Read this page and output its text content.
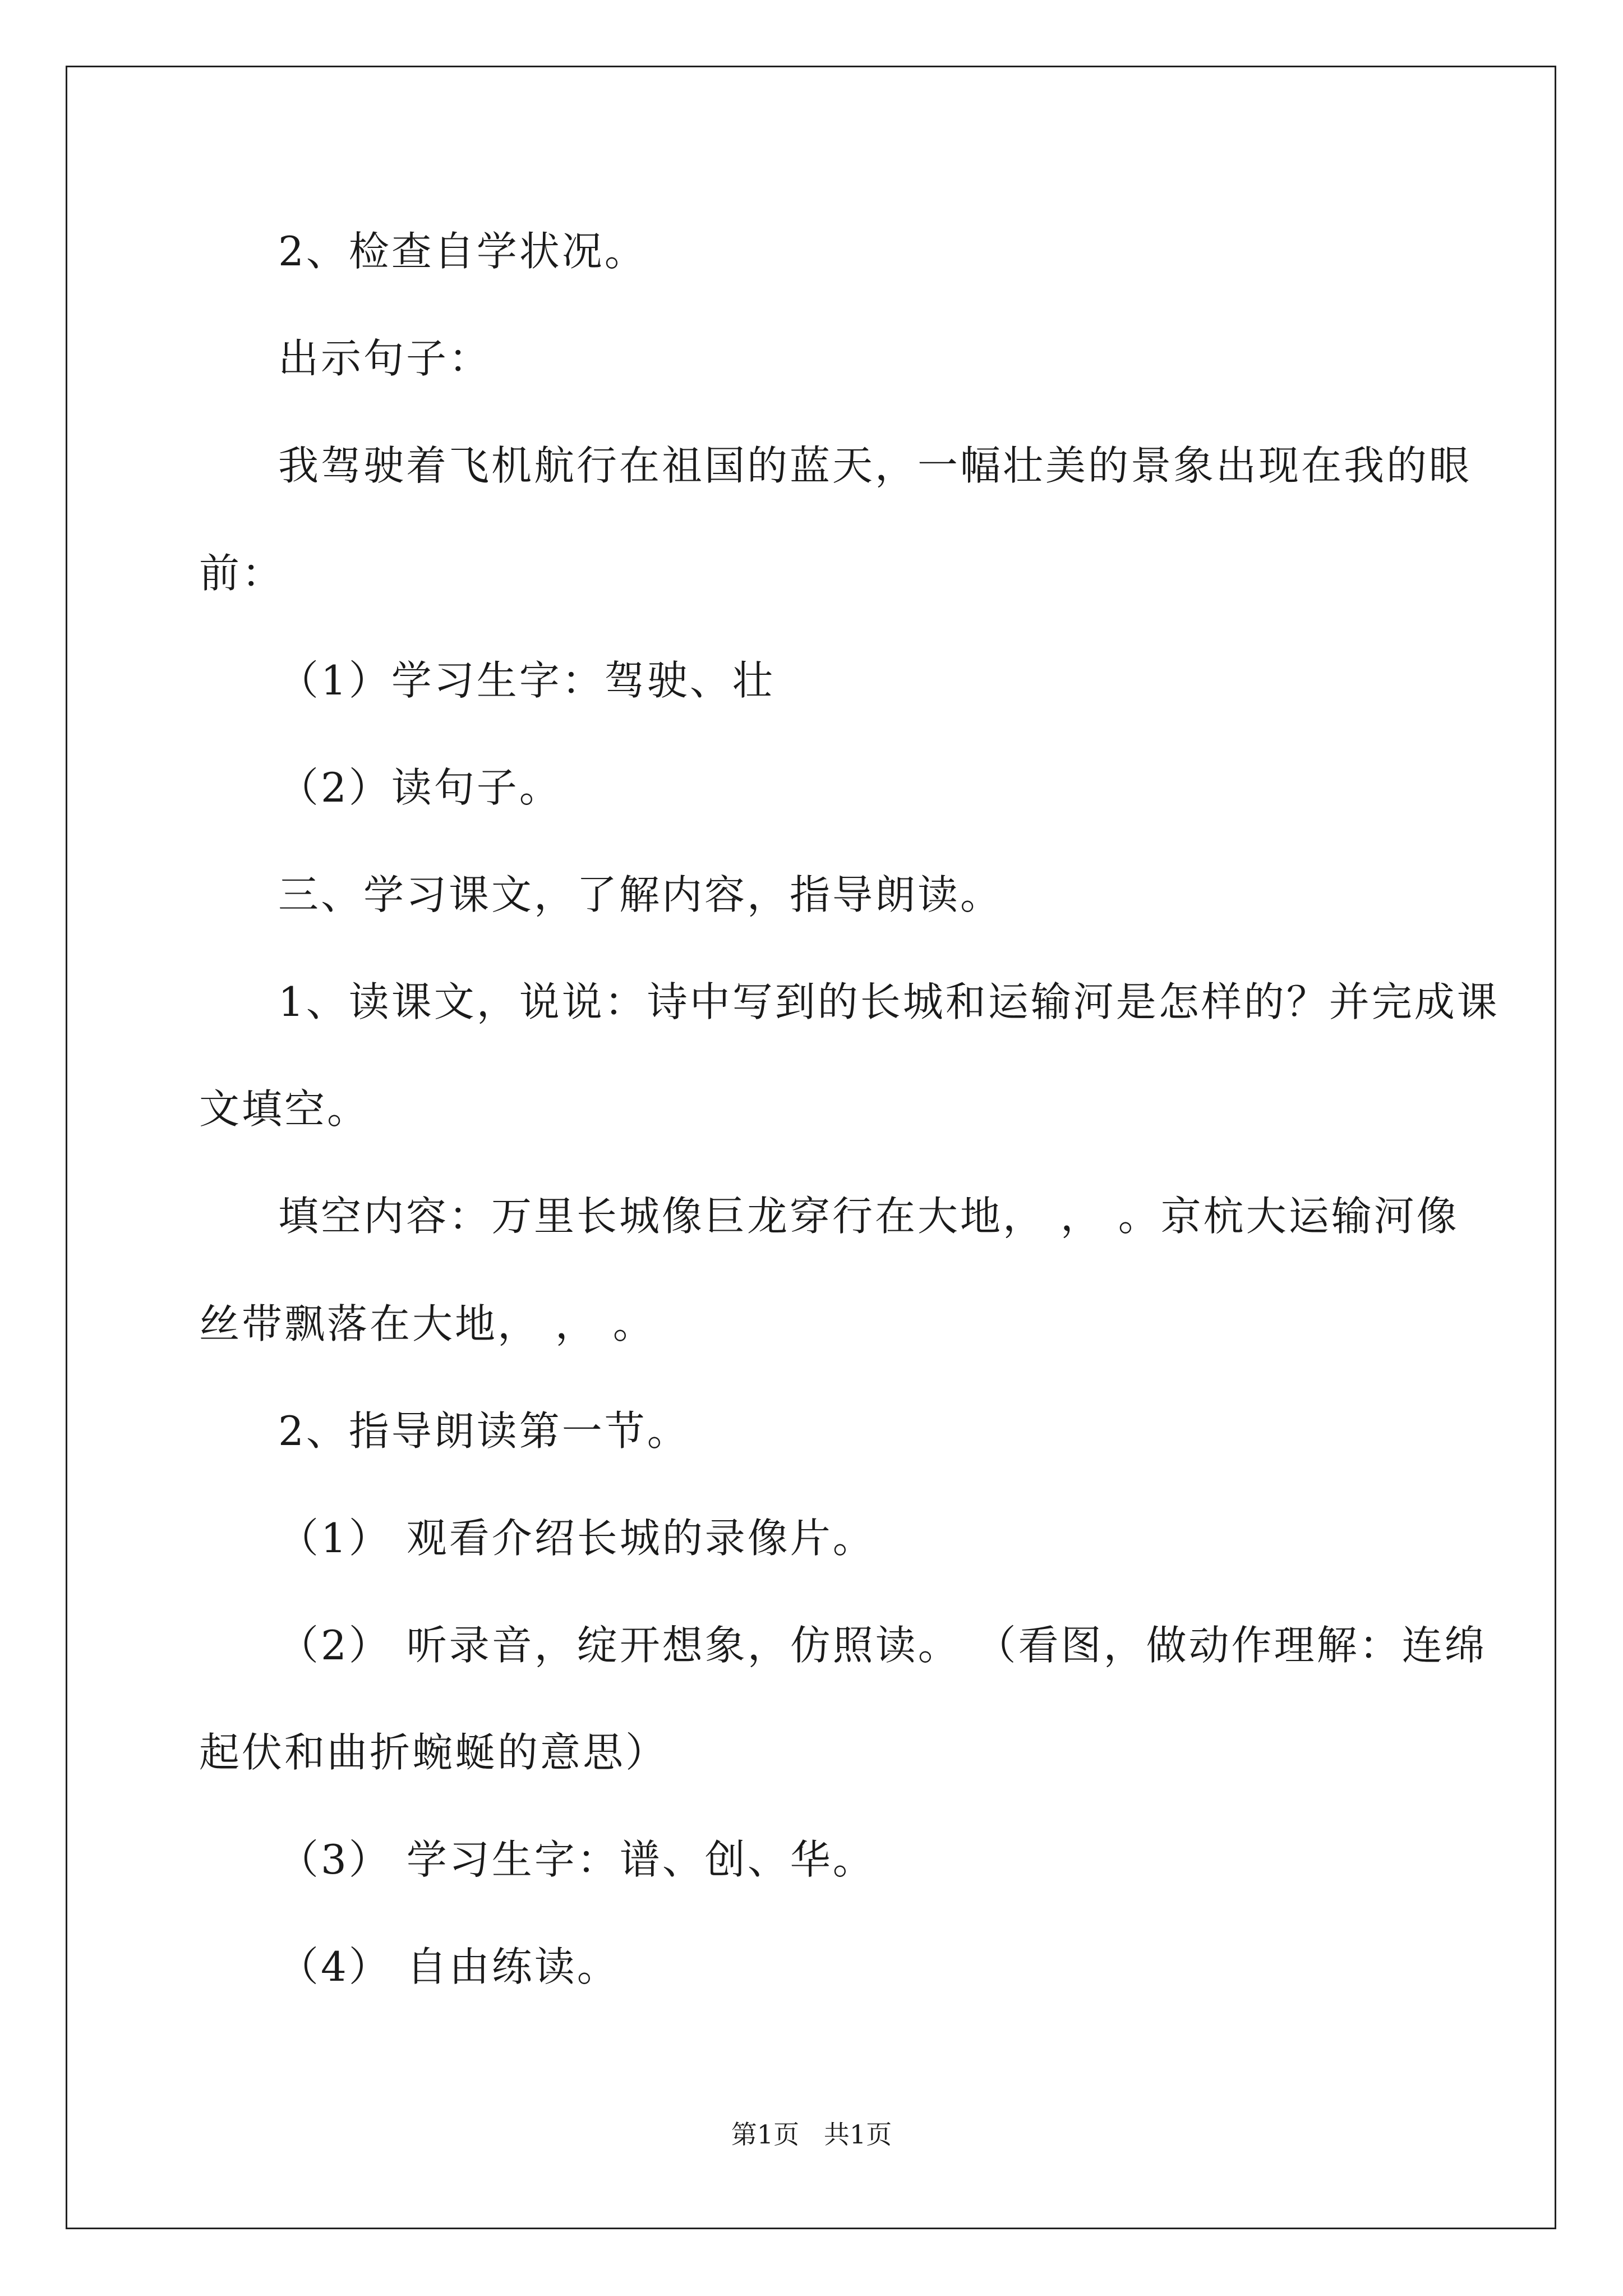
2、检查自学状况。
出示句子：
我驾驶着飞机航行在祖国的蓝天，一幅壮美的景象出现在我的眼
前：
（1）学习生字：驾驶、壮
（2）读句子。
三、学习课文，了解内容，指导朗读。
1、读课文，说说：诗中写到的长城和运输河是怎样的？并完成课
文填空。
填空内容：万里长城像巨龙穿行在大地， ， 。京杭大运输河像
丝带飘落在大地， ， 。
2、指导朗读第一节。
（1） 观看介绍长城的录像片。
（2） 听录音，绽开想象，仿照读。 （看图，做动作理解：连绵
起伏和曲折蜿蜒的意思）
（3） 学习生字：谱、创、华。
（4） 自由练读。
第1页   共1页
